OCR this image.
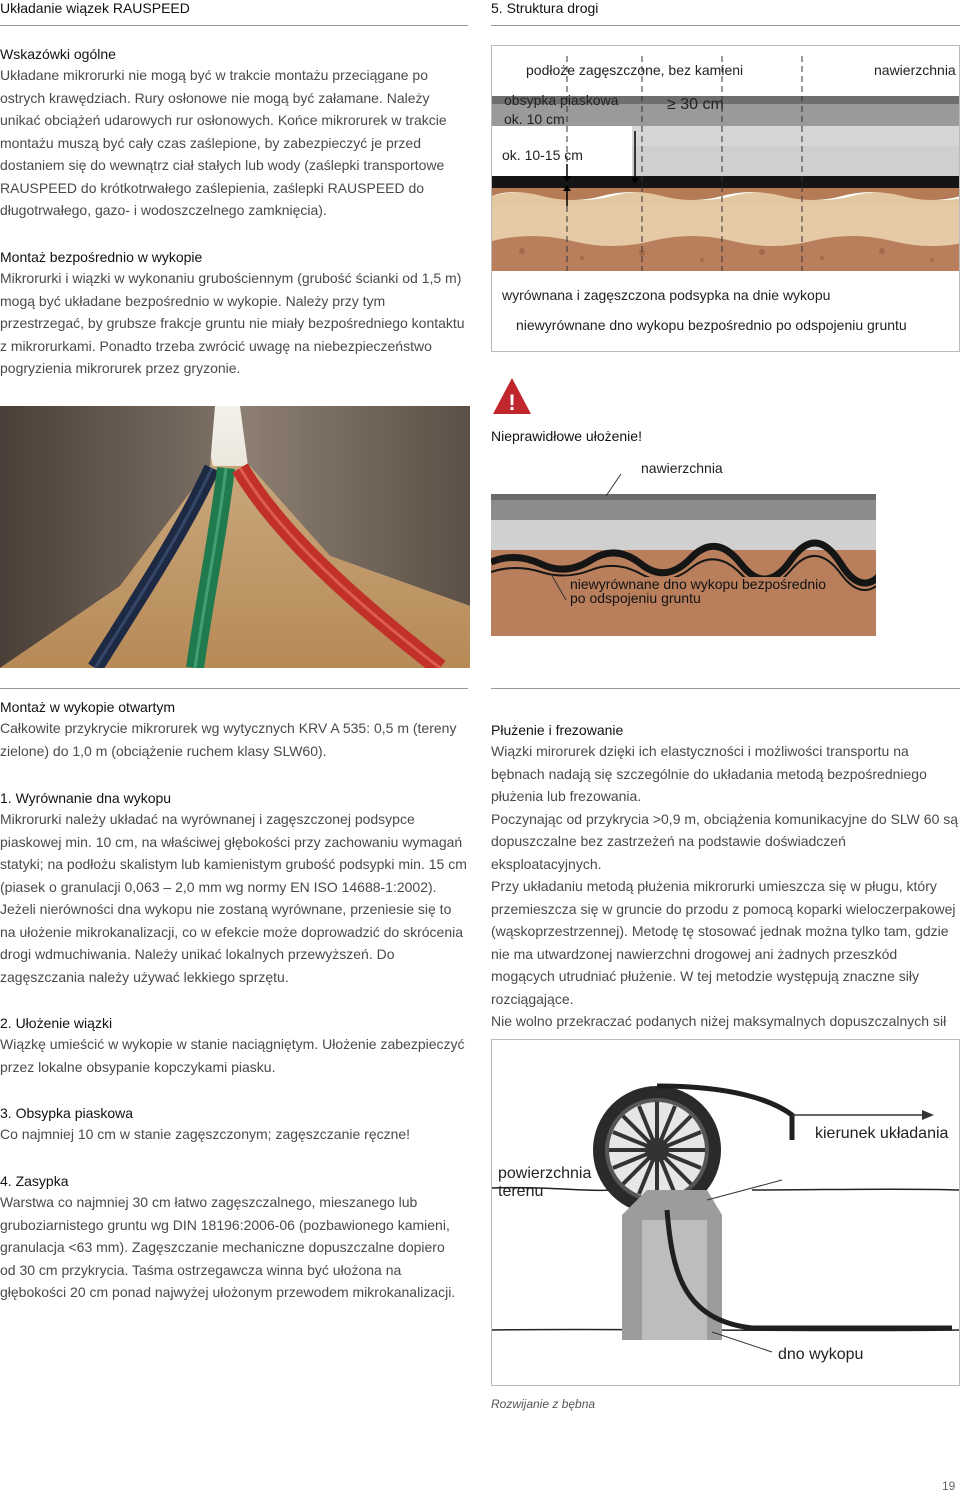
Układanie wiązek RAUSPEED	5. Struktura drogi
Wskazówki ogólne

Układane mikrorurki nie mogą być w trakcie montażu przeciągane po ostrych krawędziach. Rury osłonowe nie mogą być załamane. Należy unikać obciążeń udarowych rur osłonowych. Końce mikrorurek w trakcie montażu muszą być cały czas zaślepione, by zabezpieczyć je przed dostaniem się do wewnątrz ciał stałych lub wody (zaślepki transportowe RAUSPEED do krótkotrwałego zaślepienia, zaślepki RAUSPEED do długotrwałego, gazo- i wodoszczelnego zamknięcia).

Montaż bezpośrednio w wykopie

Mikrorurki i wiązki w wykonaniu grubościennym (grubość ścianki od 1,5 m) mogą być układane bezpośrednio w wykopie. Należy przy tym przestrzegać, by grubsze frakcje gruntu nie miały bezpośredniego kontaktu z mikrorurkami. Ponadto trzeba zwrócić uwagę na niebezpieczeństwo pogryzienia mikrorurek przez gryzonie.

podłoże zagęszczone, bez kamieni	nawierzchnia
obsypka piaskowa
ok. 10 cm
ok. 10-15 cm
≥ 30 cm
wyrównana i zagęszczona podsypka na dnie wykopu
niewyrównane dno wykopu bezpośrednio po odspojeniu gruntu
!
Nieprawidłowe ułożenie!
nawierzchnia
niewyrównane dno wykopu bezpośrednio
po odspojeniu gruntu
Montaż w wykopie otwartym

Całkowite przykrycie mikrorurek wg wytycznych KRV A 535: 0,5 m (tereny zielone) do 1,0 m (obciążenie ruchem klasy SLW60).

1. Wyrównanie dna wykopu

Mikrorurki należy układać na wyrównanej i zagęszczonej podsypce piaskowej min. 10 cm, na właściwej głębokości przy zachowaniu wymagań statyki; na podłożu skalistym lub kamienistym grubość podsypki min. 15 cm (piasek o granulacji 0,063 – 2,0 mm wg normy EN ISO 14688-1:2002).
Jeżeli nierówności dna wykopu nie zostaną wyrównane, przeniesie się to na ułożenie mikrokanalizacji, co w efekcie może doprowadzić do skrócenia drogi wdmuchiwania. Należy unikać lokalnych przewyższeń. Do zagęszczania należy używać lekkiego sprzętu.

2. Ułożenie wiązki

Wiązkę umieścić w wykopie w stanie naciągniętym. Ułożenie zabezpieczyć przez lokalne obsypanie kopczykami piasku.

3. Obsypka piaskowa

Co najmniej 10 cm w stanie zagęszczonym; zagęszczanie ręczne!

4. Zasypka

Warstwa co najmniej 30 cm łatwo zagęszczalnego, mieszanego lub gruboziarnistego gruntu wg DIN 18196:2006-06 (pozbawionego kamieni, granulacja <63 mm). Zagęszczanie mechaniczne dopuszczalne dopiero od 30 cm przykrycia. Taśma ostrzegawcza winna być ułożona na głębokości 20 cm ponad najwyżej ułożonym przewodem mikrokanalizacji.

Płużenie i frezowanie

Wiązki mirorurek dzięki ich elastyczności i możliwości transportu na bębnach nadają się szczególnie do układania metodą bezpośredniego płużenia lub frezowania.
Poczynając od przykrycia >0,9 m, obciążenia komunikacyjne do SLW 60 są dopuszczalne bez zastrzeżeń na podstawie doświadczeń eksploatacyjnych.
Przy układaniu metodą płużenia mikrorurki umieszcza się w pługu, który przemieszcza się w gruncie do przodu z pomocą koparki wieloczerpakowej (wąskoprzestrzennej). Metodę tę stosować jednak można tylko tam, gdzie nie ma utwardzonej nawierzchni drogowej ani żadnych przeszkód mogących utrudniać płużenie. W tej metodzie występują znaczne siły rozciągające.
Nie wolno przekraczać podanych niżej maksymalnych dopuszczalnych sił

kierunek układania
powierzchnia
terenu
dno wykopu
Rozwijanie z bębna
19
